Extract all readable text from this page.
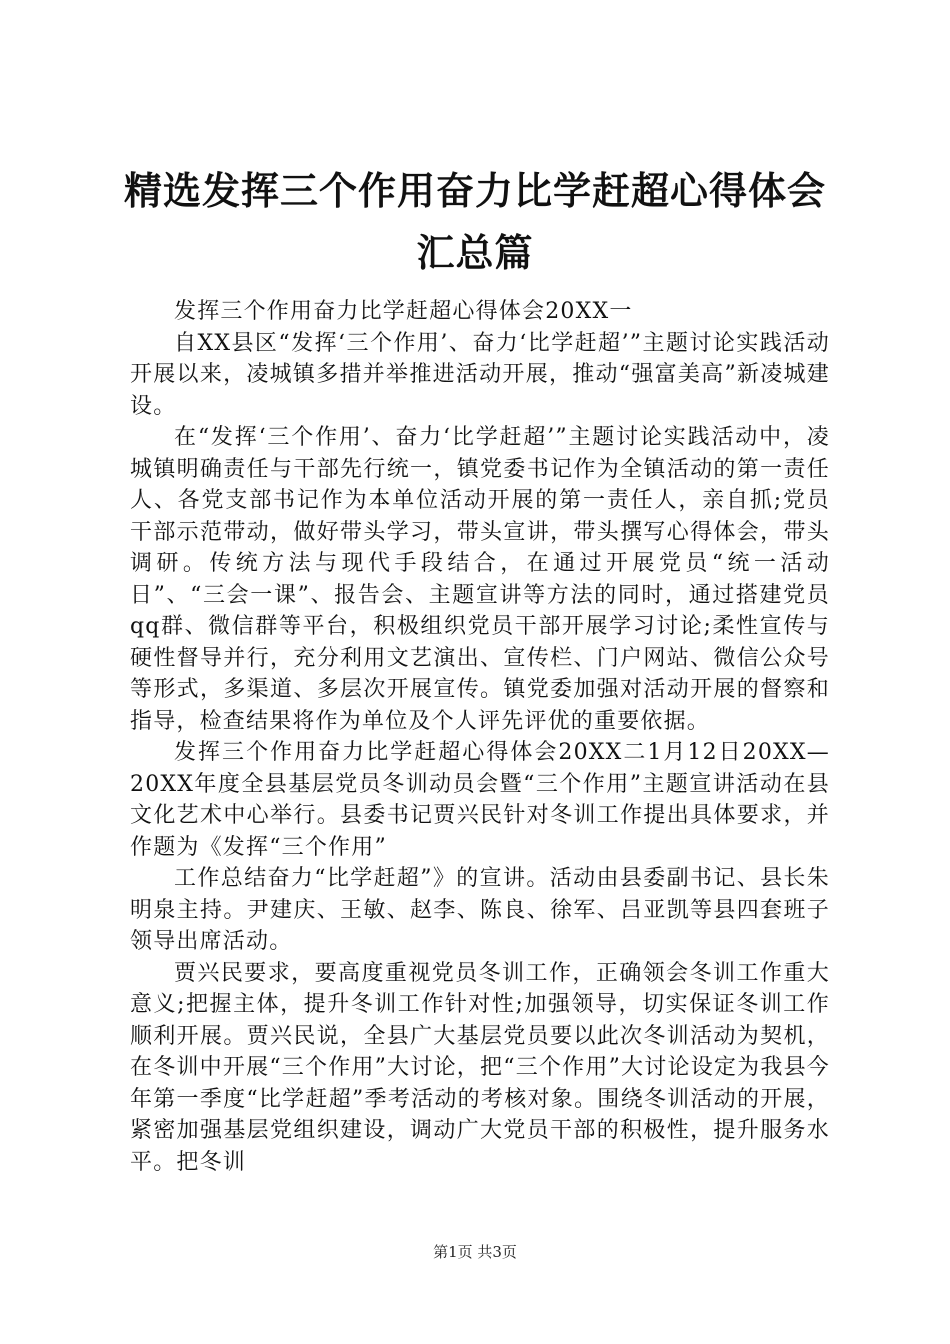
精选发挥三个作用奋力比学赶超心得体会汇总篇

发挥三个作用奋力比学赶超心得体会20XX一

自XX县区“发挥‘三个作用’、奋力‘比学赶超’”主题讨论实践活动开展以来，凌城镇多措并举推进活动开展，推动“强富美高”新凌城建设。

在“发挥‘三个作用’、奋力‘比学赶超’”主题讨论实践活动中，凌城镇明确责任与干部先行统一，镇党委书记作为全镇活动的第一责任人、各党支部书记作为本单位活动开展的第一责任人，亲自抓;党员干部示范带动，做好带头学习，带头宣讲，带头撰写心得体会，带头调研。传统方法与现代手段结合，在通过开展党员“统一活动日”、“三会一课”、报告会、主题宣讲等方法的同时，通过搭建党员qq群、微信群等平台，积极组织党员干部开展学习讨论;柔性宣传与硬性督导并行，充分利用文艺演出、宣传栏、门户网站、微信公众号等形式，多渠道、多层次开展宣传。镇党委加强对活动开展的督察和指导，检查结果将作为单位及个人评先评优的重要依据。

发挥三个作用奋力比学赶超心得体会20XX二1月12日20XX—20XX年度全县基层党员冬训动员会暨“三个作用”主题宣讲活动在县文化艺术中心举行。县委书记贾兴民针对冬训工作提出具体要求，并作题为《发挥“三个作用”

工作总结奋力“比学赶超”》的宣讲。活动由县委副书记、县长朱明泉主持。尹建庆、王敏、赵李、陈良、徐军、吕亚凯等县四套班子领导出席活动。

贾兴民要求，要高度重视党员冬训工作，正确领会冬训工作重大意义;把握主体，提升冬训工作针对性;加强领导，切实保证冬训工作顺利开展。贾兴民说，全县广大基层党员要以此次冬训活动为契机，在冬训中开展“三个作用”大讨论，把“三个作用”大讨论设定为我县今年第一季度“比学赶超”季考活动的考核对象。围绕冬训活动的开展，紧密加强基层党组织建设，调动广大党员干部的积极性，提升服务水平。把冬训

第1页 共3页
